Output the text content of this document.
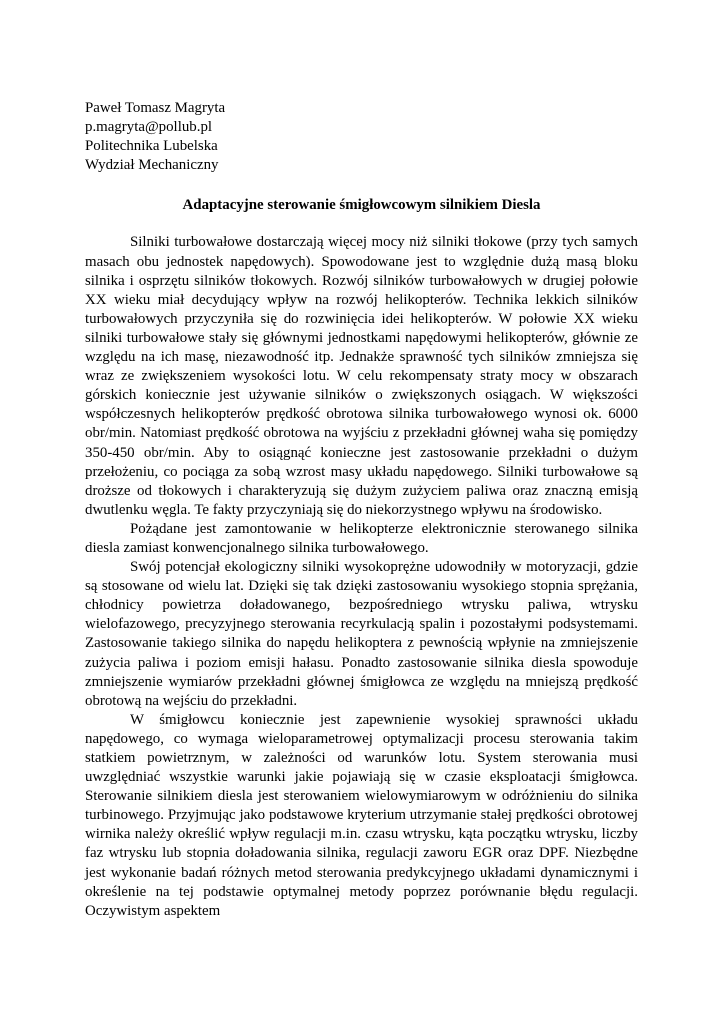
Paweł Tomasz Magryta
p.magryta@pollub.pl
Politechnika Lubelska
Wydział Mechaniczny
Adaptacyjne sterowanie śmigłowcowym silnikiem Diesla

Silniki turbowałowe dostarczają więcej mocy niż silniki tłokowe (przy tych samych masach obu jednostek napędowych). Spowodowane jest to względnie dużą masą bloku silnika i osprzętu silników tłokowych. Rozwój silników turbowałowych w drugiej połowie XX wieku miał decydujący wpływ na rozwój helikopterów. Technika lekkich silników turbowałowych przyczyniła się do rozwinięcia idei helikopterów. W połowie XX wieku silniki turbowałowe stały się głównymi jednostkami napędowymi helikopterów, głównie ze względu na ich masę, niezawodność itp. Jednakże sprawność tych silników zmniejsza się wraz ze zwiększeniem wysokości lotu. W celu rekompensaty straty mocy w obszarach górskich koniecznie jest używanie silników o zwiększonych osiągach. W większości współczesnych helikopterów prędkość obrotowa silnika turbowałowego wynosi ok. 6000 obr/min. Natomiast prędkość obrotowa na wyjściu z przekładni głównej waha się pomiędzy 350-450 obr/min. Aby to osiągnąć konieczne jest zastosowanie przekładni o dużym przełożeniu, co pociąga za sobą wzrost masy układu napędowego. Silniki turbowałowe są droższe od tłokowych i charakteryzują się dużym zużyciem paliwa oraz znaczną emisją dwutlenku węgla. Te fakty przyczyniają się do niekorzystnego wpływu na środowisko.

Pożądane jest zamontowanie w helikopterze elektronicznie sterowanego silnika diesla zamiast konwencjonalnego silnika turbowałowego.

Swój potencjał ekologiczny silniki wysokoprężne udowodniły w motoryzacji, gdzie są stosowane od wielu lat. Dzięki się tak dzięki zastosowaniu wysokiego stopnia sprężania, chłodnicy powietrza doładowanego, bezpośredniego wtrysku paliwa, wtrysku wielofazowego, precyzyjnego sterowania recyrkulacją spalin i pozostałymi podsystemami. Zastosowanie takiego silnika do napędu helikoptera z pewnością wpłynie na zmniejszenie zużycia paliwa i poziom emisji hałasu. Ponadto zastosowanie silnika diesla spowoduje zmniejszenie wymiarów przekładni głównej śmigłowca ze względu na mniejszą prędkość obrotową na wejściu do przekładni.

W śmigłowcu koniecznie jest zapewnienie wysokiej sprawności układu napędowego, co wymaga wieloparametrowej optymalizacji procesu sterowania takim statkiem powietrznym, w zależności od warunków lotu. System sterowania musi uwzględniać wszystkie warunki jakie pojawiają się w czasie eksploatacji śmigłowca. Sterowanie silnikiem diesla jest sterowaniem wielowymiarowym w odróżnieniu do silnika turbinowego. Przyjmując jako podstawowe kryterium utrzymanie stałej prędkości obrotowej wirnika należy określić wpływ regulacji m.in. czasu wtrysku, kąta początku wtrysku, liczby faz wtrysku lub stopnia doładowania silnika, regulacji zaworu EGR oraz DPF. Niezbędne jest wykonanie badań różnych metod sterowania predykcyjnego układami dynamicznymi i określenie na tej podstawie optymalnej metody poprzez porównanie błędu regulacji. Oczywistym aspektem
